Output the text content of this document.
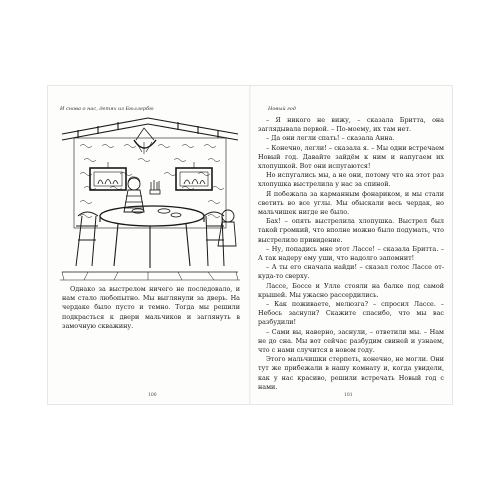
И снова о нас, детях из Бюллербю	Новый год

Однако за выстрелом ничего не последовало, и нам стало любопытно. Мы выглянули за дверь. На чердаке было пусто и темно. Тогда мы решили подкрасться к двери мальчиков и заглянуть в замочную скважину.

– Я никого не вижу, – сказала Бритта, она заглядывала первой. – По-моему, их там нет.

– Да они легли спать! – сказала Анна.

– Конечно, легли! – сказала я. – Мы одни встречаем Новый год. Давайте зайдём к ним и напугаем их хлопушкой. Вот они испугаются!

Но испугались мы, а не они, потому что на этот раз хлопушка выстрелила у нас за спиной.

Я побежала за карманным фонариком, и мы стали светить во все углы. Мы обыскали весь чердак, но мальчишек нигде не было.

Бах! – опять выстрелила хлопушка. Выстрел был такой громкий, что вполне можно было подумать, что выстрелило привидение.

– Ну, попадись мне этот Лассе! – сказала Бритта. – А так надеру ему уши, что надолго запомнит!

– А ты его сначала найди! – сказал голос Лассе от-куда-то сверху.

Лассе, Боссе и Улле стояли на балке под самой крышей. Мы ужасно рассердились.

– Как поживаете, мелюзга? – спросил Лассе. – Небось заснули? Скажите спасибо, что мы вас разбудили!

– Сами вы, наверно, заснули, – ответили мы. – Нам не до сна. Мы вот сейчас разбудим свиней и узнаем, что с нами случится в новом году.

Этого мальчишки стерпеть, конечно, не могли. Они тут же прибежали в нашу комнату и, когда увидели, как у нас красиво, решили встречать Новый год с нами.

100	101
